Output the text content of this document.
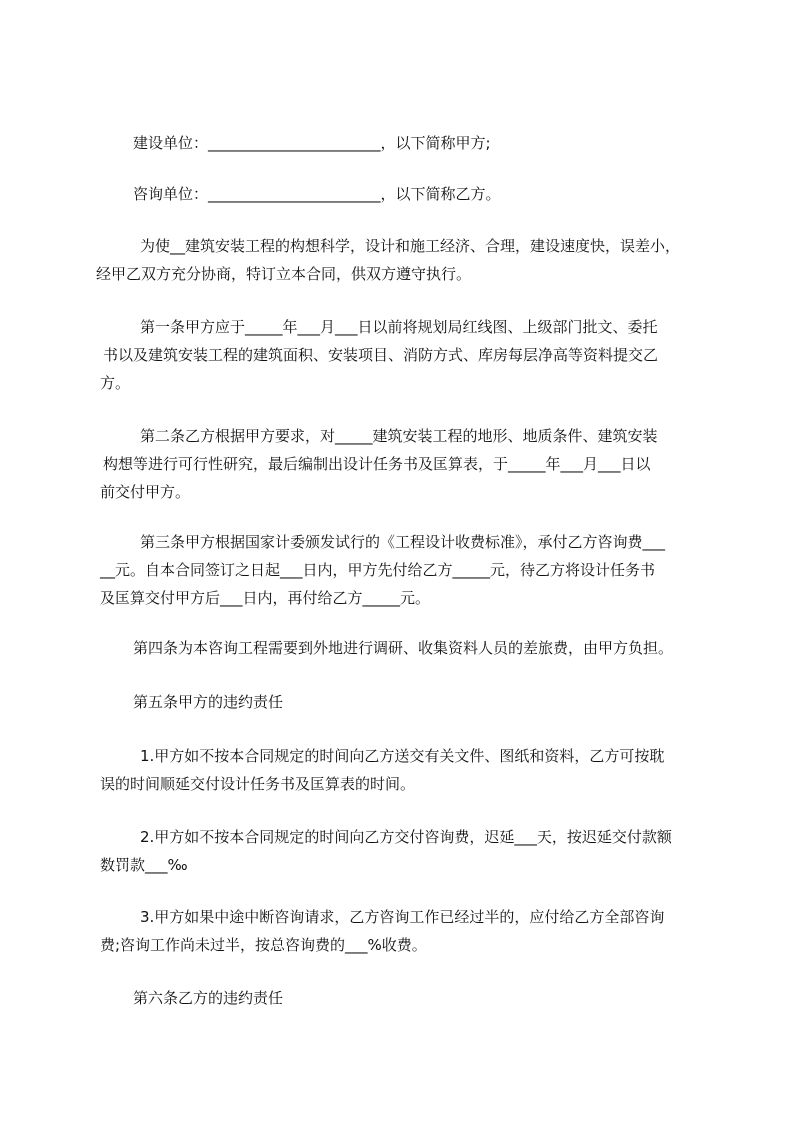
建设单位：_______________________，以下简称甲方;

咨询单位：_______________________，以下简称乙方。

为使__建筑安装工程的构想科学，设计和施工经济、合理，建设速度快，误差小，
经甲乙双方充分协商，特订立本合同，供双方遵守执行。

第一条甲方应于_____年___月___日以前将规划局红线图、上级部门批文、委托
书以及建筑安装工程的建筑面积、安装项目、消防方式、库房每层净高等资料提交乙
方。

第二条乙方根据甲方要求，对_____建筑安装工程的地形、地质条件、建筑安装
构想等进行可行性研究，最后编制出设计任务书及匡算表，于_____年___月___日以
前交付甲方。

第三条甲方根据国家计委颁发试行的《工程设计收费标准》，承付乙方咨询费___
__元。自本合同签订之日起___日内，甲方先付给乙方_____元，待乙方将设计任务书
及匡算交付甲方后___日内，再付给乙方_____元。

第四条为本咨询工程需要到外地进行调研、收集资料人员的差旅费，由甲方负担。

第五条甲方的违约责任

1.甲方如不按本合同规定的时间向乙方送交有关文件、图纸和资料，乙方可按耽
误的时间顺延交付设计任务书及匡算表的时间。

2.甲方如不按本合同规定的时间向乙方交付咨询费，迟延___天，按迟延交付款额
数罚款___‰

3.甲方如果中途中断咨询请求，乙方咨询工作已经过半的，应付给乙方全部咨询
费;咨询工作尚未过半，按总咨询费的___%收费。

第六条乙方的违约责任
